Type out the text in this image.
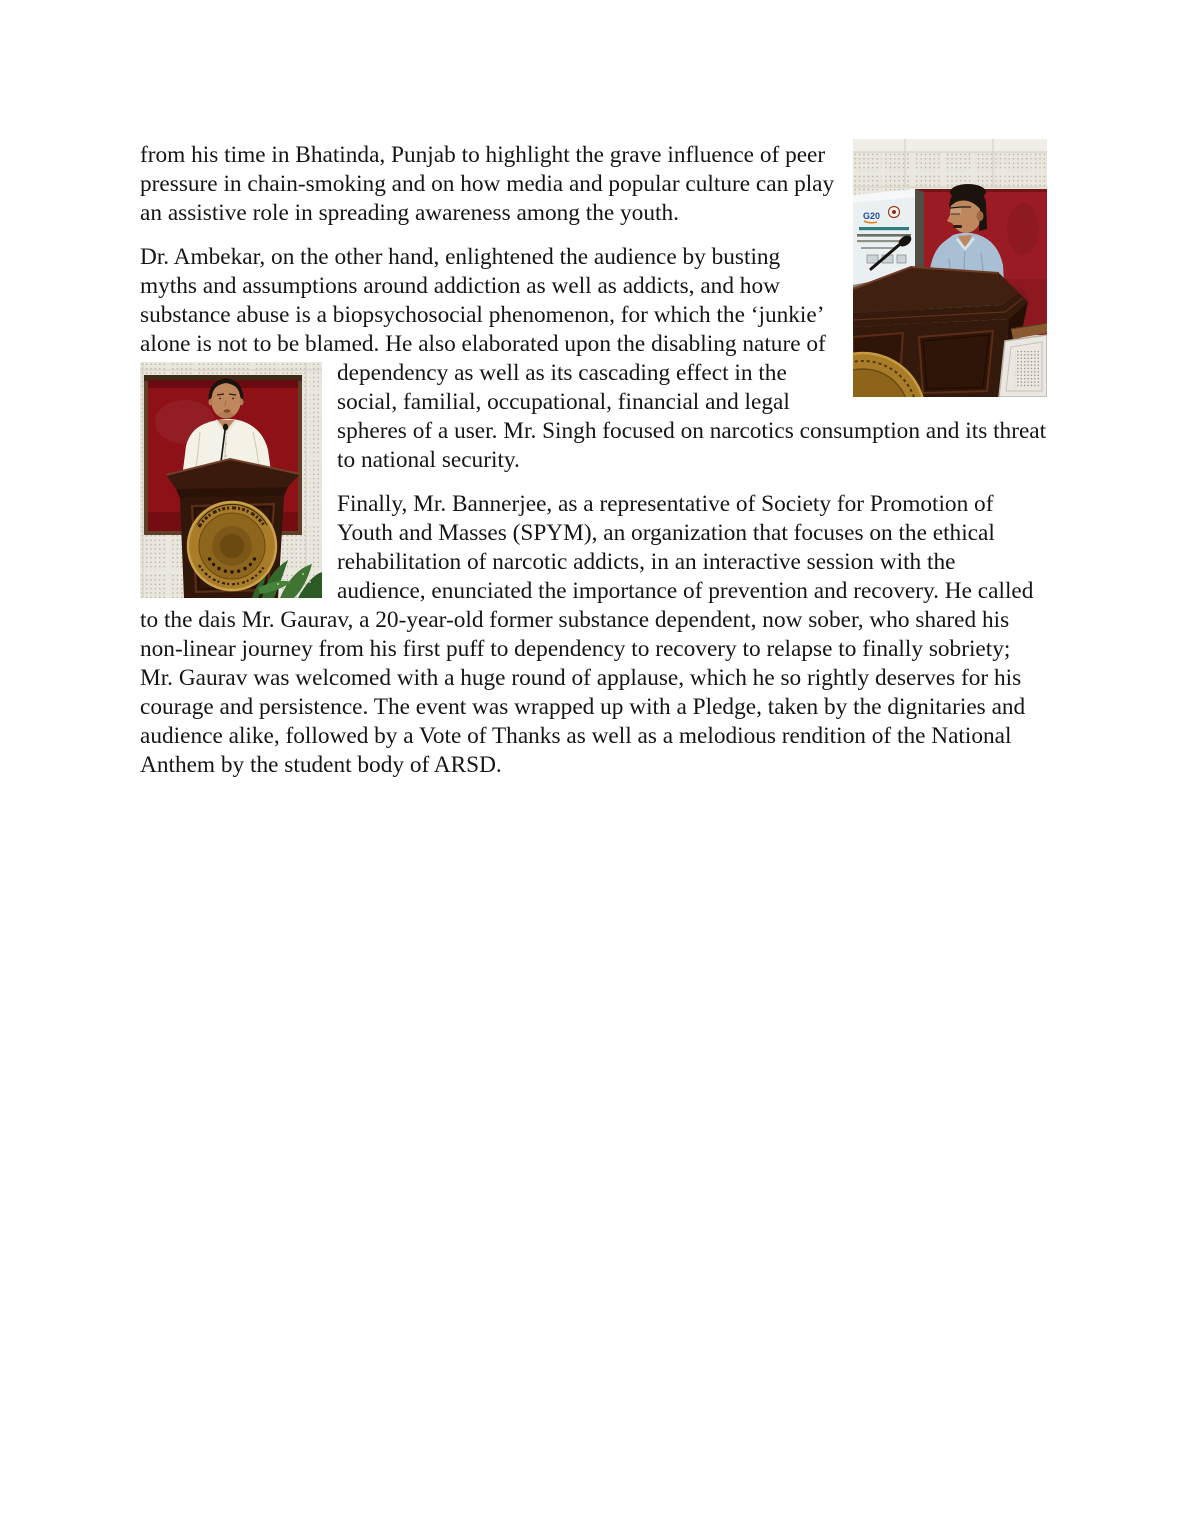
G20
from his time in Bhatinda, Punjab to highlight the grave influence of peer pressure in chain-smoking and on how media and popular culture can play an assistive role in spreading awareness among the youth.

Dr. Ambekar, on the other hand, enlightened the audience by busting myths and assumptions around addiction as well as addicts, and how substance abuse is a biopsychosocial phenomenon, for which the ‘junkie’ alone is not to be blamed. He also elaborated upon the disabling nature of
dependency as well as its cascading effect in the social, familial, occupational, financial and legal spheres of a user. Mr. Singh focused on narcotics consumption and its threat to national security.

Finally, Mr. Bannerjee, as a representative of Society for Promotion of Youth and Masses (SPYM), an organization that focuses on the ethical rehabilitation of narcotic addicts, in an interactive session with the audience, enunciated the importance of prevention and recovery. He called to the dais Mr. Gaurav, a 20-year-old former substance dependent, now sober, who shared his non-linear journey from his first puff to dependency to recovery to relapse to finally sobriety; Mr. Gaurav was welcomed with a huge round of applause, which he so rightly deserves for his courage and persistence. The event was wrapped up with a Pledge, taken by the dignitaries and audience alike, followed by a Vote of Thanks as well as a melodious rendition of the National Anthem by the student body of ARSD.
